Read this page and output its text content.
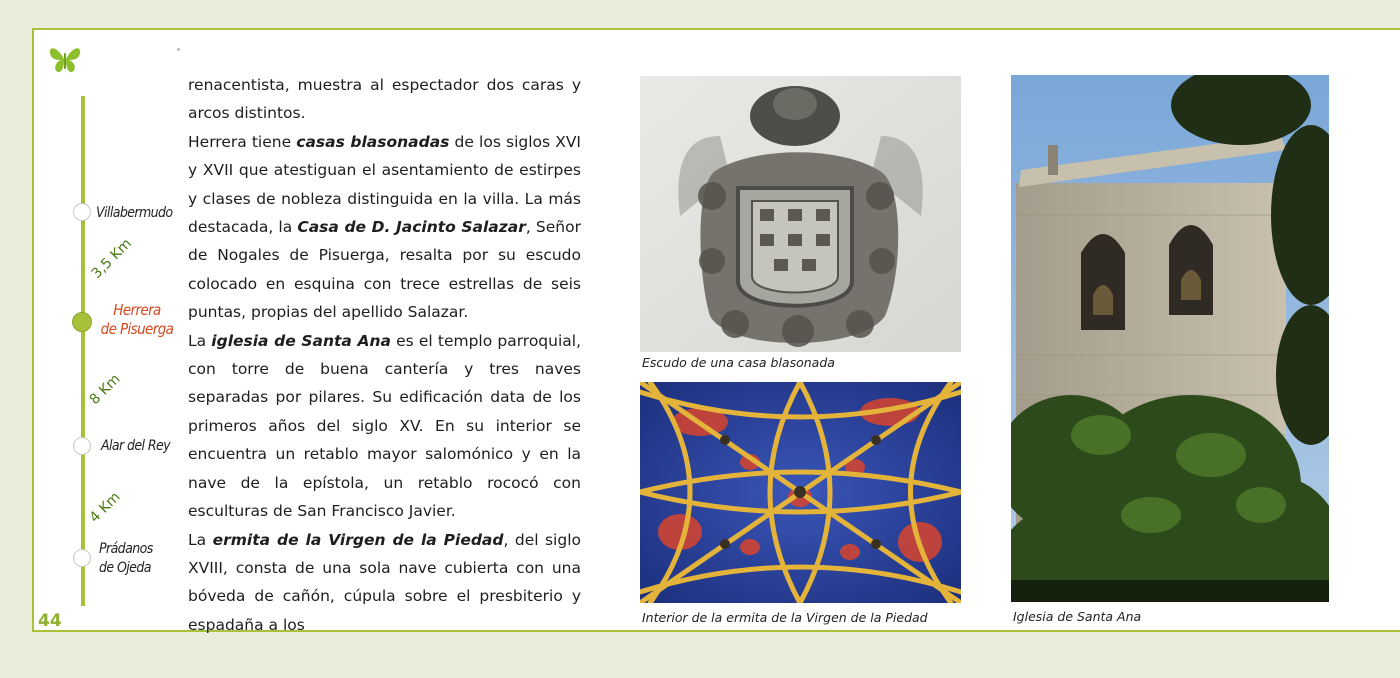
Villabermudo
3,5 Km
Herrera
de Pisuerga
8 Km
Alar del Rey
4 Km
Prádanos
de Ojeda
44

renacentista, muestra al espectador dos caras y arcos distintos.

Herrera tiene casas blasonadas de los siglos XVI y XVII que atestiguan el asentamiento de estirpes y clases de nobleza distinguida en la villa. La más destacada, la Casa de D. Jacinto Salazar, Señor de Nogales de Pisuerga, resalta por su escudo colocado en esquina con trece estrellas de seis puntas, propias del apellido Salazar.

La iglesia de Santa Ana es el templo parroquial, con torre de buena cantería y tres naves separadas por pilares. Su edificación data de los primeros años del siglo XV. En su interior se encuentra un retablo mayor salomónico y en la nave de la epístola, un retablo rococó con esculturas de San Francisco Javier.

La ermita de la Virgen de la Piedad, del siglo XVIII, consta de una sola nave cubierta con una bóveda de cañón, cúpula sobre el presbiterio y espadaña a los

Escudo de una casa blasonada
Interior de la ermita de la Virgen de la Piedad	Iglesia de Santa Ana
